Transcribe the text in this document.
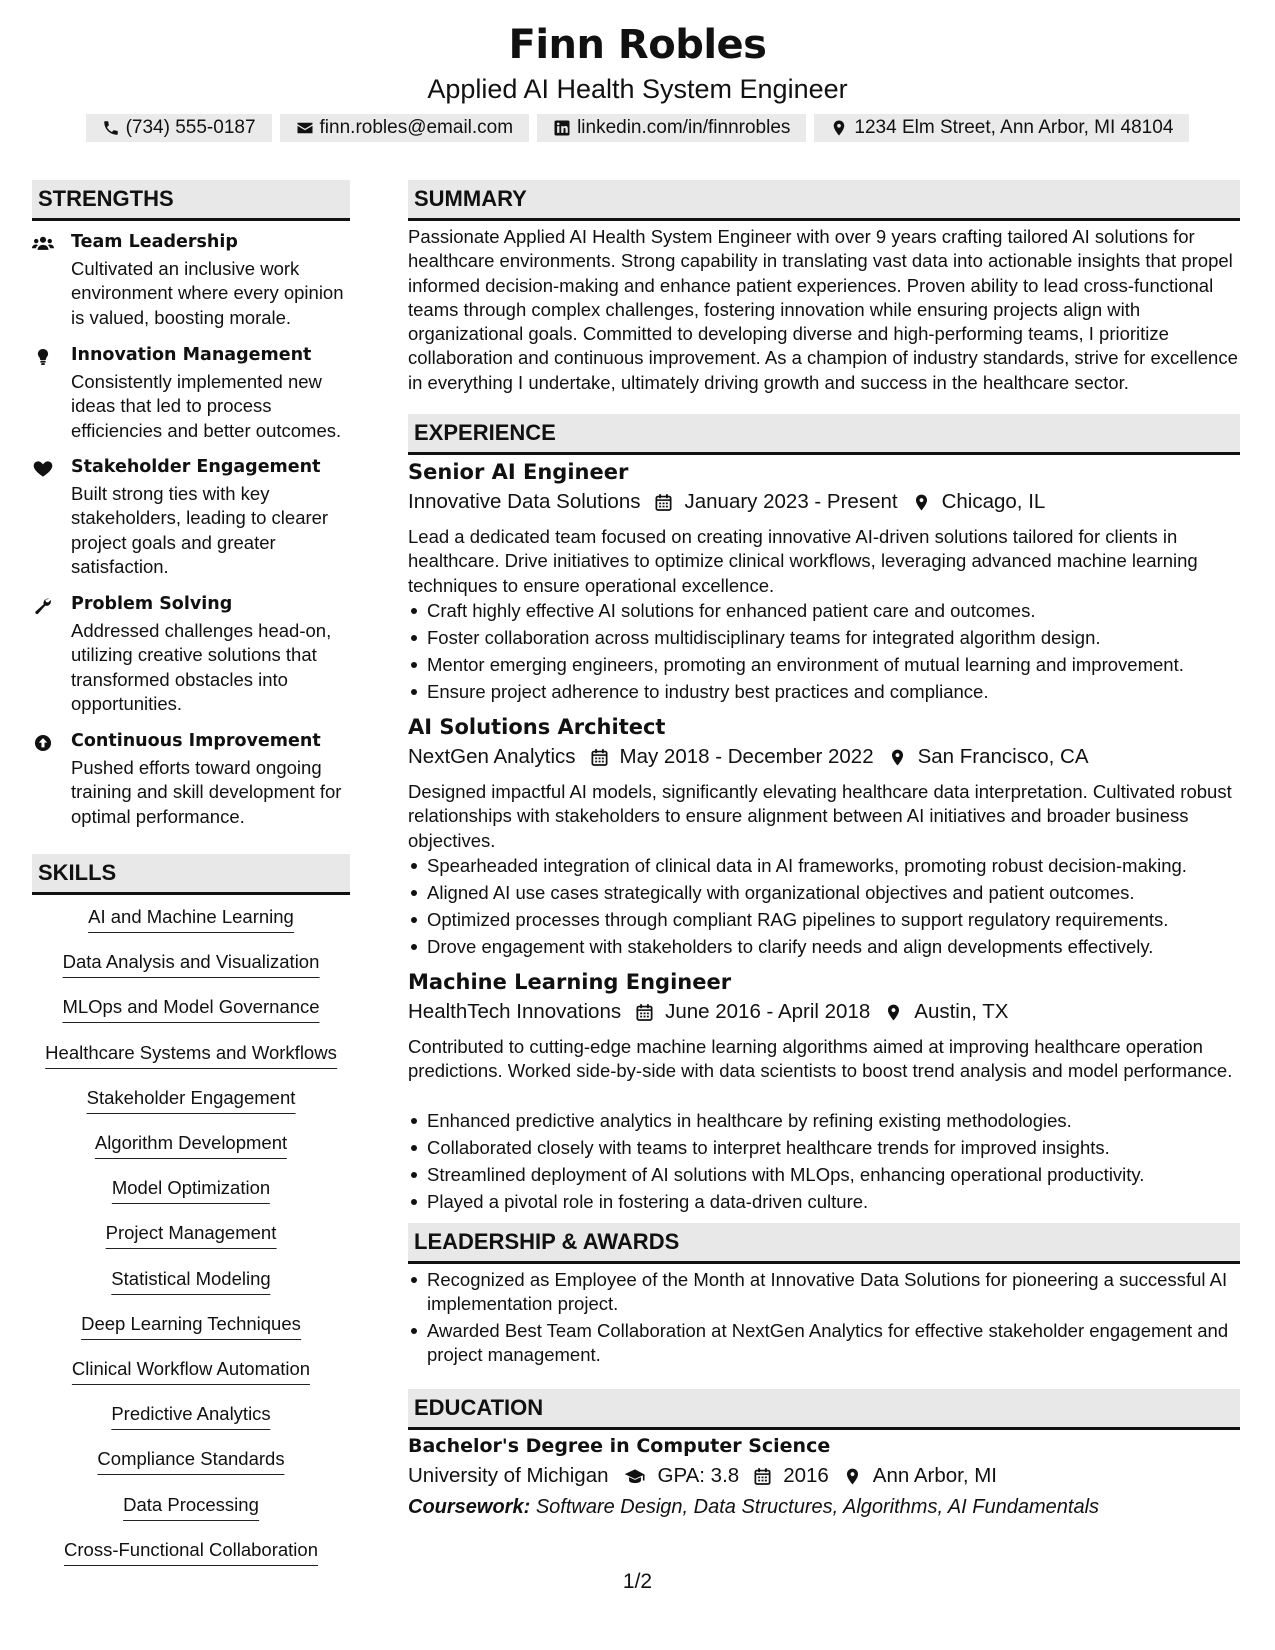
Finn Robles
Applied AI Health System Engineer
(734) 555-0187	finn.robles@email.com	linkedin.com/in/finnrobles	1234 Elm Street, Ann Arbor, MI 48104
STRENGTHS
Team Leadership
Cultivated an inclusive work environment where every opinion is valued, boosting morale.
Innovation Management
Consistently implemented new ideas that led to process efficiencies and better outcomes.
Stakeholder Engagement
Built strong ties with key stakeholders, leading to clearer project goals and greater satisfaction.
Problem Solving
Addressed challenges head-on, utilizing creative solutions that transformed obstacles into opportunities.
Continuous Improvement
Pushed efforts toward ongoing training and skill development for optimal performance.
SKILLS
AI and Machine Learning
Data Analysis and Visualization
MLOps and Model Governance
Healthcare Systems and Workflows
Stakeholder Engagement
Algorithm Development
Model Optimization
Project Management
Statistical Modeling
Deep Learning Techniques
Clinical Workflow Automation
Predictive Analytics
Compliance Standards
Data Processing
Cross-Functional Collaboration
SUMMARY
Passionate Applied AI Health System Engineer with over 9 years crafting tailored AI solutions for healthcare environments. Strong capability in translating vast data into actionable insights that propel informed decision-making and enhance patient experiences. Proven ability to lead cross-functional teams through complex challenges, fostering innovation while ensuring projects align with organizational goals. Committed to developing diverse and high-performing teams, I prioritize collaboration and continuous improvement. As a champion of industry standards, strive for excellence in everything I undertake, ultimately driving growth and success in the healthcare sector.
EXPERIENCE
Senior AI Engineer
Innovative Data Solutions January 2023 - Present Chicago, IL
Lead a dedicated team focused on creating innovative AI-driven solutions tailored for clients in healthcare. Drive initiatives to optimize clinical workflows, leveraging advanced machine learning techniques to ensure operational excellence.
Craft highly effective AI solutions for enhanced patient care and outcomes.
Foster collaboration across multidisciplinary teams for integrated algorithm design.
Mentor emerging engineers, promoting an environment of mutual learning and improvement.
Ensure project adherence to industry best practices and compliance.
AI Solutions Architect
NextGen Analytics May 2018 - December 2022 San Francisco, CA
Designed impactful AI models, significantly elevating healthcare data interpretation. Cultivated robust relationships with stakeholders to ensure alignment between AI initiatives and broader business objectives.
Spearheaded integration of clinical data in AI frameworks, promoting robust decision-making.
Aligned AI use cases strategically with organizational objectives and patient outcomes.
Optimized processes through compliant RAG pipelines to support regulatory requirements.
Drove engagement with stakeholders to clarify needs and align developments effectively.
Machine Learning Engineer
HealthTech Innovations June 2016 - April 2018 Austin, TX
Contributed to cutting-edge machine learning algorithms aimed at improving healthcare operation predictions. Worked side-by-side with data scientists to boost trend analysis and model performance.
Enhanced predictive analytics in healthcare by refining existing methodologies.
Collaborated closely with teams to interpret healthcare trends for improved insights.
Streamlined deployment of AI solutions with MLOps, enhancing operational productivity.
Played a pivotal role in fostering a data-driven culture.
LEADERSHIP & AWARDS
Recognized as Employee of the Month at Innovative Data Solutions for pioneering a successful AI implementation project.
Awarded Best Team Collaboration at NextGen Analytics for effective stakeholder engagement and project management.
EDUCATION
Bachelor's Degree in Computer Science
University of Michigan GPA: 3.8 2016 Ann Arbor, MI
Coursework: Software Design, Data Structures, Algorithms, AI Fundamentals
1/2
